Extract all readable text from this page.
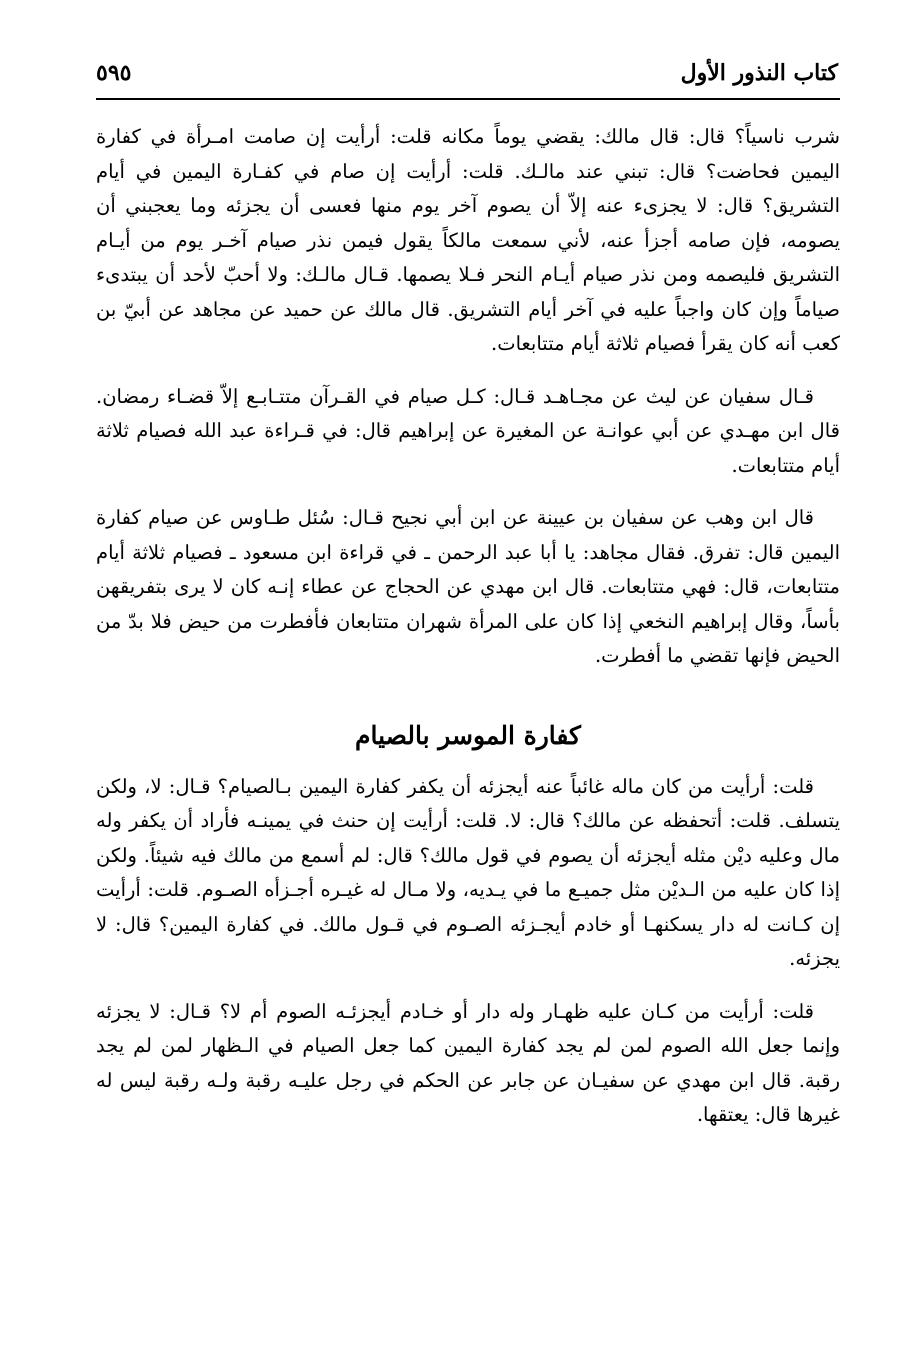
كتاب النذور الأول
٥٩٥

شرب ناسياً؟ قال: قال مالك: يقضي يوماً مكانه قلت: أرأيت إن صامت امـرأة في كفارة اليمين فحاضت؟ قال: تبني عند مالـك. قلت: أرأيت إن صام في كفـارة اليمين في أيام التشريق؟ قال: لا يجزىء عنه إلاّ أن يصوم آخر يوم منها فعسى أن يجزئه وما يعجبني أن يصومه، فإن صامه أجزأ عنه، لأني سمعت مالكاً يقول فيمن نذر صيام آخـر يوم من أيـام التشريق فليصمه ومن نذر صيام أيـام النحر فـلا يصمها. قـال مالـك: ولا أحبّ لأحد أن يبتدىء صياماً وإن كان واجباً عليه في آخر أيام التشريق. قال مالك عن حميد عن مجاهد عن أبيّ بن كعب أنه كان يقرأ فصيام ثلاثة أيام متتابعات.

قـال سفيان عن ليث عن مجـاهـد قـال: كـل صيام في القـرآن متتـابـع إلاّ قضـاء رمضان. قال ابن مهـدي عن أبي عوانـة عن المغيرة عن إبراهيم قال: في قـراءة عبد الله فصيام ثلاثة أيام متتابعات.

قال ابن وهب عن سفيان بن عيينة عن ابن أبي نجيح قـال: سُئل طـاوس عن صيام كفارة اليمين قال: تفرق. فقال مجاهد: يا أبا عبد الرحمن ـ في قراءة ابن مسعود ـ فصيام ثلاثة أيام متتابعات، قال: فهي متتابعات. قال ابن مهدي عن الحجاج عن عطاء إنـه كان لا يرى بتفريقهن بأساً، وقال إبراهيم النخعي إذا كان على المرأة شهران متتابعان فأفطرت من حيض فلا بدّ من الحيض فإنها تقضي ما أفطرت.

كفارة الموسر بالصيام

قلت: أرأيت من كان ماله غائباً عنه أيجزئه أن يكفر كفارة اليمين بـالصيام؟ قـال: لا، ولكن يتسلف. قلت: أتحفظه عن مالك؟ قال: لا. قلت: أرأيت إن حنث في يمينـه فأراد أن يكفر وله مال وعليه ديْن مثله أيجزئه أن يصوم في قول مالك؟ قال: لم أسمع من مالك فيه شيئاً. ولكن إذا كان عليه من الـديْن مثل جميـع ما في يـديه، ولا مـال له غيـره أجـزأه الصـوم. قلت: أرأيت إن كـانت له دار يسكنهـا أو خادم أيجـزئه الصـوم في قـول مالك. في كفارة اليمين؟ قال: لا يجزئه.

قلت: أرأيت من كـان عليه ظهـار وله دار أو خـادم أيجزئـه الصوم أم لا؟ قـال: لا يجزئه وإنما جعل الله الصوم لمن لم يجد كفارة اليمين كما جعل الصيام في الـظهار لمن لم يجد رقبة. قال ابن مهدي عن سفيـان عن جابر عن الحكم في رجل عليـه رقبة ولـه رقبة ليس له غيرها قال: يعتقها.
